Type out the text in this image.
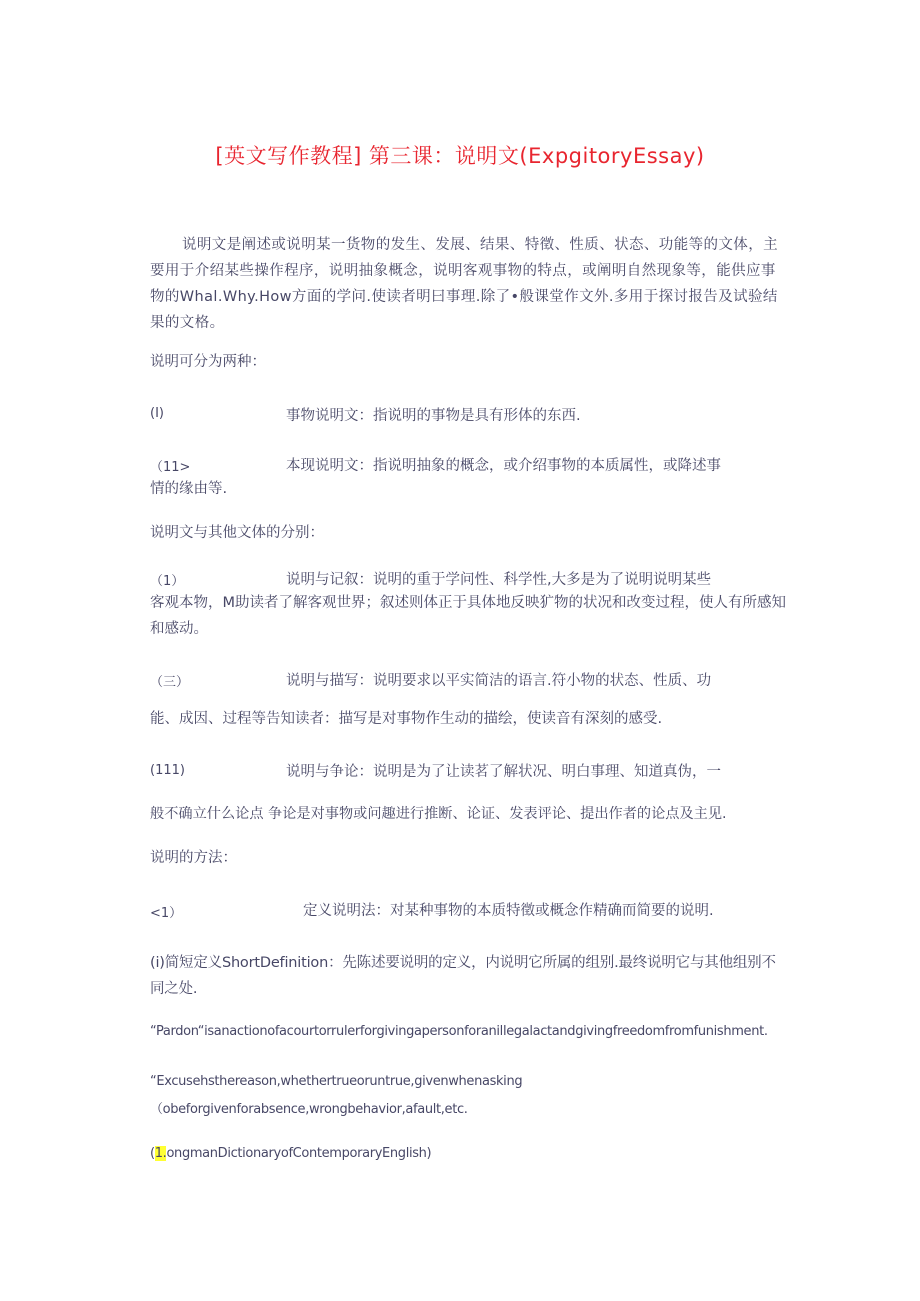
[英文写作教程] 第三课：说明文(ExpgitoryEssay)
说明文是阐述或说明某一货物的发生、发展、结果、特徵、性质、状态、功能等的文体，主要用于介绍某些操作程序，说明抽象概念，说明客观事物的特点，或阐明自然现象等，能供应事物的Whal.Why.How方面的学问.使读者明曰事理.除了•般课堂作文外.多用于探讨报告及试验结果的文格。
说明可分为两种：
(I)	事物说明文：指说明的事物是具有形体的东西.
（11>	本现说明文：指说明抽象的概念，或介绍事物的本质属性，或降述事
情的缘由等.
说明文与其他文体的分别：
（1）	说明与记叙：说明的重于学问性、科学性,大多是为了说明说明某些
客观本物，M助读者了解客观世界；叙述则体正于具体地反映犷物的状况和改变过程，使人有所感知和感动。
（三）	说明与描写：说明要求以平实简洁的语言.符小物的状态、性质、功
能、成因、过程等告知读者：描写是对事物作生动的描绘，使读音有深刻的感受.
(111)	说明与争论：说明是为了让读茗了解状况、明白事理、知道真伪，一
般不确立什么论点 争论是对事物或问趣进行推断、论证、发表评论、提出作者的论点及主见.
说明的方法：
<1）	定义说明法：对某种事物的本质特徵或概念作精确而简要的说明.
(i)简短定义ShortDefinition：先陈述要说明的定义，内说明它所属的组别.最终说明它与其他组别不同之处.
“Pardon“isanactionofacourtorrulerforgivingapersonforanillegalactandgivingfreedomfromfunishment.
“Excusehsthereason,whethertrueoruntrue,givenwhenasking（obeforgivenforabsence,wrongbehavior,afault,etc.
(1.ongmanDictionaryofContemporaryEnglish)
